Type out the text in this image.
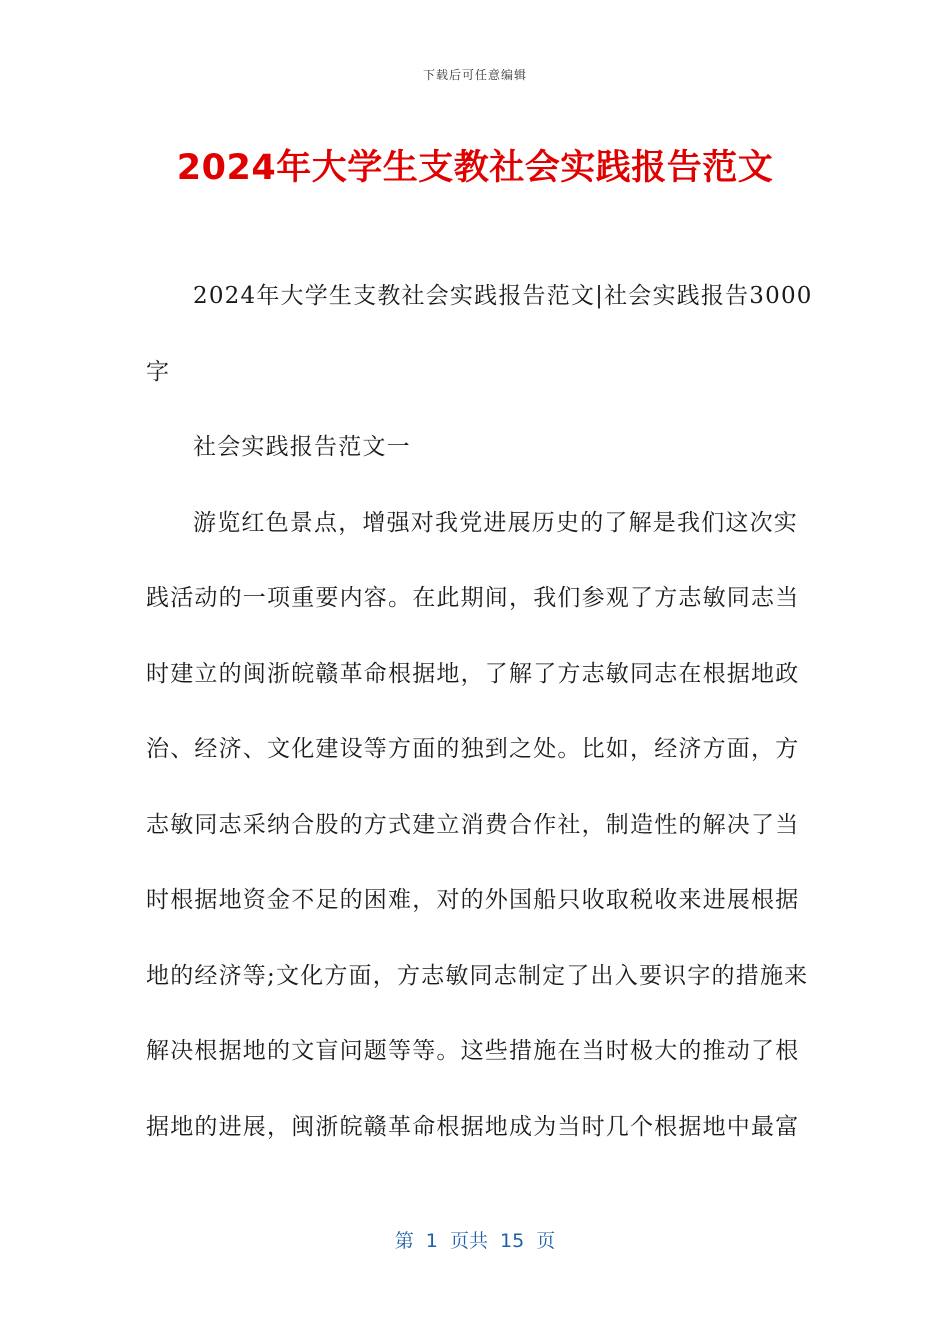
下载后可任意编辑
2024年大学生支教社会实践报告范文
2024年大学生支教社会实践报告范文|社会实践报告3000
字
社会实践报告范文一
游览红色景点，增强对我党进展历史的了解是我们这次实
践活动的一项重要内容。在此期间，我们参观了方志敏同志当
时建立的闽浙皖赣革命根据地，了解了方志敏同志在根据地政
治、经济、文化建设等方面的独到之处。比如，经济方面，方
志敏同志采纳合股的方式建立消费合作社，制造性的解决了当
时根据地资金不足的困难，对的外国船只收取税收来进展根据
地的经济等;文化方面，方志敏同志制定了出入要识字的措施来
解决根据地的文盲问题等等。这些措施在当时极大的推动了根
据地的进展，闽浙皖赣革命根据地成为当时几个根据地中最富
第  1  页共  15  页
